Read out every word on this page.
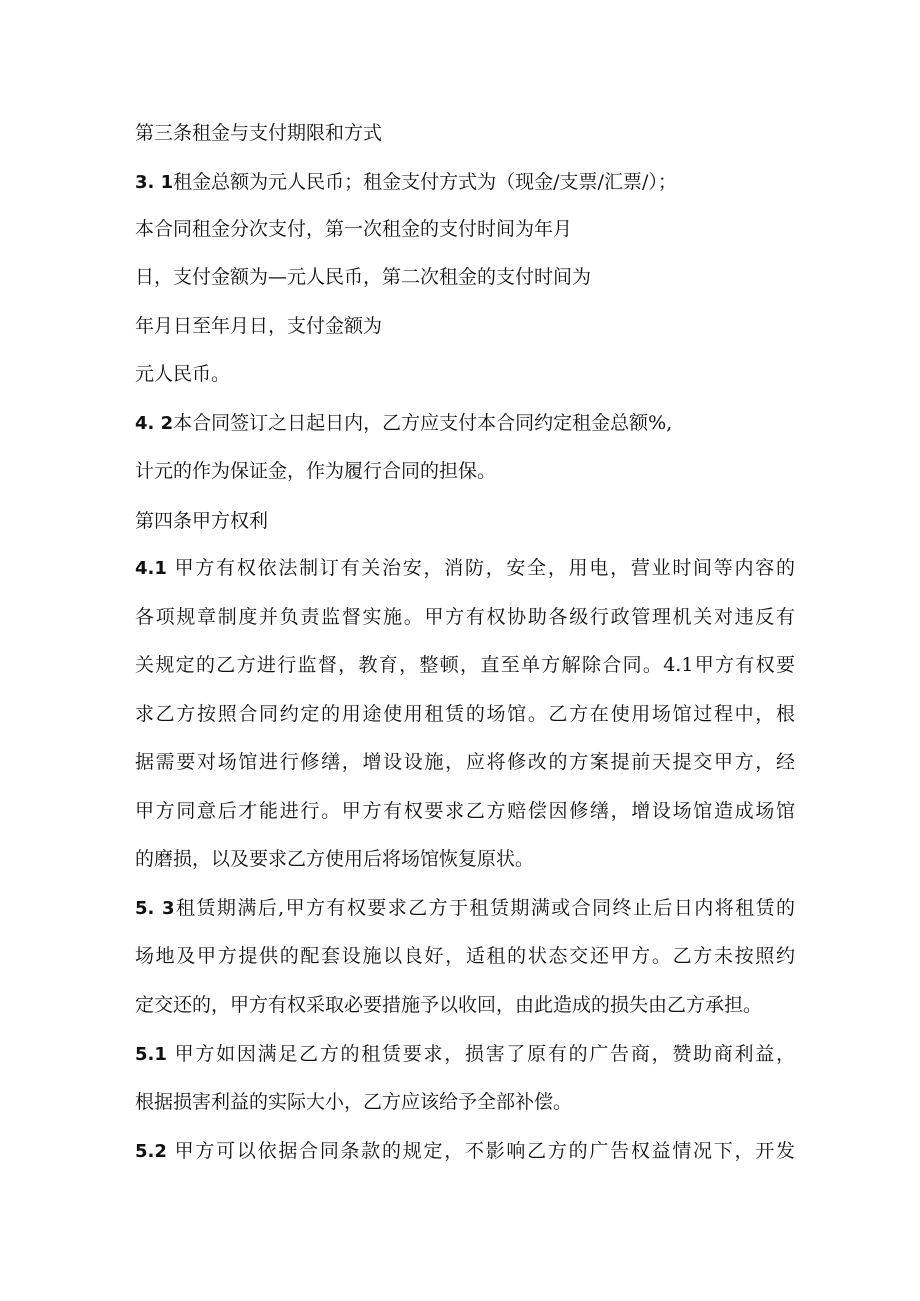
第三条租金与支付期限和方式
3. 1租金总额为元人民币；租金支付方式为（现金/支票/汇票/）；
本合同租金分次支付，第一次租金的支付时间为年月
日，支付金额为—元人民币，第二次租金的支付时间为
年月日至年月日，支付金额为
元人民币。
4. 2本合同签订之日起日内，乙方应支付本合同约定租金总额%,
计元的作为保证金，作为履行合同的担保。
第四条甲方权利
4.1 甲方有权依法制订有关治安，消防，安全，用电，营业时间等内容的
各项规章制度并负责监督实施。甲方有权协助各级行政管理机关对违反有
关规定的乙方进行监督，教育，整顿，直至单方解除合同。4.1甲方有权要
求乙方按照合同约定的用途使用租赁的场馆。乙方在使用场馆过程中，根
据需要对场馆进行修缮，增设设施，应将修改的方案提前天提交甲方，经
甲方同意后才能进行。甲方有权要求乙方赔偿因修缮，增设场馆造成场馆
的磨损，以及要求乙方使用后将场馆恢复原状。
5. 3租赁期满后,甲方有权要求乙方于租赁期满或合同终止后日内将租赁的
场地及甲方提供的配套设施以良好，适租的状态交还甲方。乙方未按照约
定交还的，甲方有权采取必要措施予以收回，由此造成的损失由乙方承担。
5.1 甲方如因满足乙方的租赁要求，损害了原有的广告商，赞助商利益，
根据损害利益的实际大小，乙方应该给予全部补偿。
5.2 甲方可以依据合同条款的规定，不影响乙方的广告权益情况下，开发
